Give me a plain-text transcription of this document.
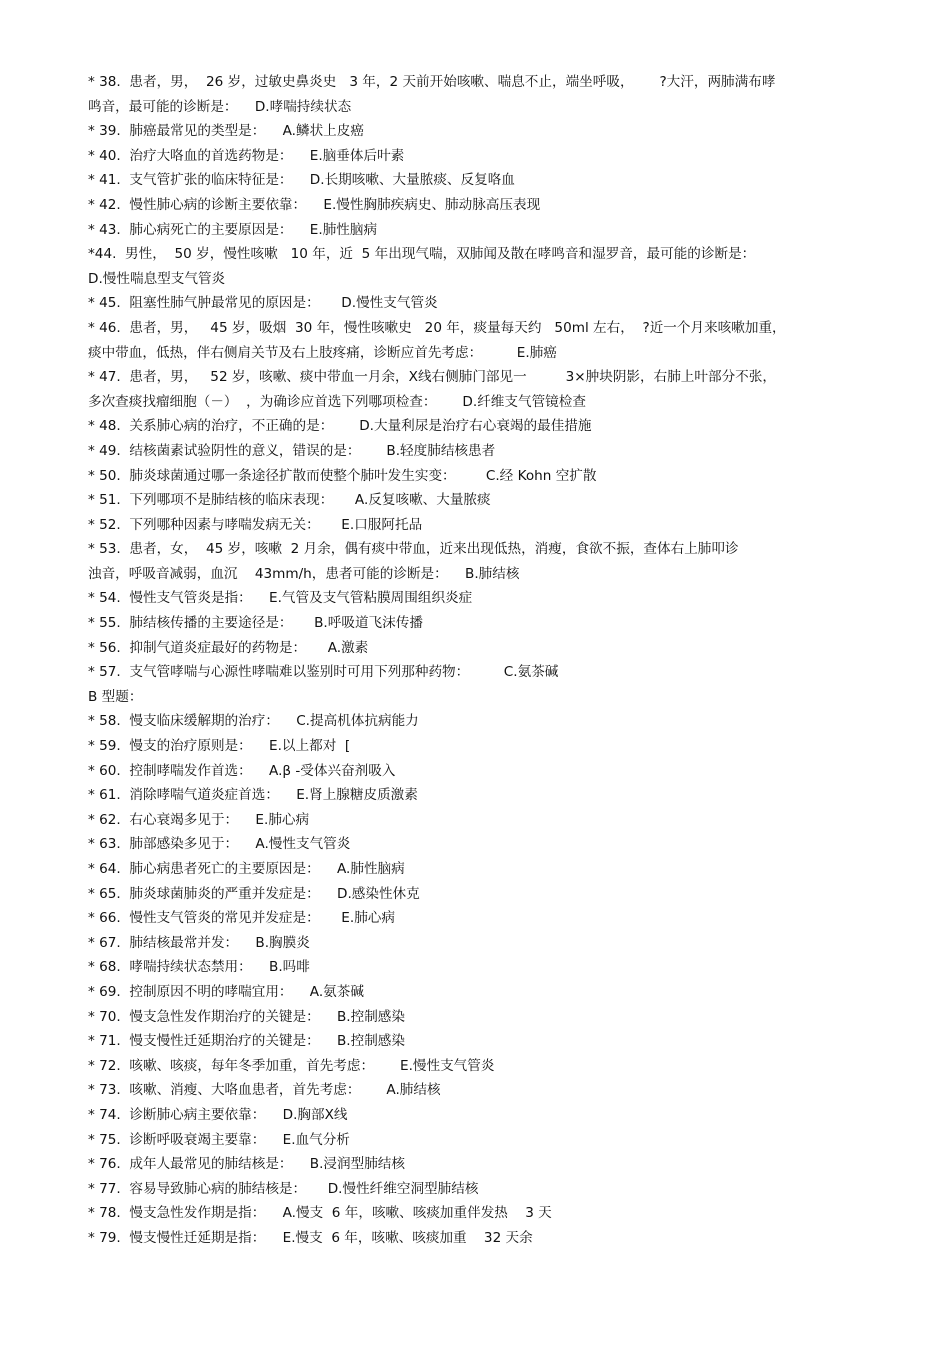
* 38.  患者，男，  26 岁，过敏史鼻炎史   3 年，2 天前开始咳嗽、喘息不止，端坐呼吸，      ?大汗，两肺满布哮
鸣音，最可能的诊断是：    D.哮喘持续状态
* 39.  肺癌最常见的类型是：    A.鳞状上皮癌
* 40.  治疗大咯血的首选药物是：    E.脑垂体后叶素
* 41.  支气管扩张的临床特征是：    D.长期咳嗽、大量脓痰、反复咯血
* 42.  慢性肺心病的诊断主要依靠：    E.慢性胸肺疾病史、肺动脉高压表现
* 43.  肺心病死亡的主要原因是：    E.肺性脑病
*44.  男性，  50 岁，慢性咳嗽   10 年，近  5 年出现气喘，双肺闻及散在哮鸣音和湿罗音，最可能的诊断是：
D.慢性喘息型支气管炎
* 45.  阻塞性肺气肿最常见的原因是：     D.慢性支气管炎
* 46.  患者，男，   45 岁，吸烟  30 年，慢性咳嗽史   20 年，痰量每天约   50ml 左右，  ?近一个月来咳嗽加重，
痰中带血，低热，伴右侧肩关节及右上肢疼痛，诊断应首先考虑：        E.肺癌
* 47.  患者，男，   52 岁，咳嗽、痰中带血一月余，X线右侧肺门部见一         3×肿块阴影，右肺上叶部分不张，
多次查痰找瘤细胞（－）  ，为确诊应首选下列哪项检查：      D.纤维支气管镜检查
* 48.  关系肺心病的治疗，不正确的是：      D.大量利尿是治疗右心衰竭的最佳措施
* 49.  结核菌素试验阴性的意义，错误的是：      B.轻度肺结核患者
* 50.  肺炎球菌通过哪一条途径扩散而使整个肺叶发生实变：       C.经 Kohn 空扩散
* 51.  下列哪项不是肺结核的临床表现：     A.反复咳嗽、大量脓痰
* 52.  下列哪种因素与哮喘发病无关：     E.口服阿托品
* 53.  患者，女，  45 岁，咳嗽  2 月余，偶有痰中带血，近来出现低热，消瘦，食欲不振，查体右上肺叩诊
浊音，呼吸音减弱，血沉    43mm/h，患者可能的诊断是：    B.肺结核
* 54.  慢性支气管炎是指：    E.气管及支气管粘膜周围组织炎症
* 55.  肺结核传播的主要途径是：     B.呼吸道飞沫传播
* 56.  抑制气道炎症最好的药物是：     A.激素
* 57.  支气管哮喘与心源性哮喘难以鉴别时可用下列那种药物：        C.氨茶碱
B 型题：
* 58.  慢支临床缓解期的治疗：    C.提高机体抗病能力
* 59.  慢支的治疗原则是：    E.以上都对  [
* 60.  控制哮喘发作首选：    A.β -受体兴奋剂吸入
* 61.  消除哮喘气道炎症首选：    E.肾上腺糖皮质激素
* 62.  右心衰竭多见于：    E.肺心病
* 63.  肺部感染多见于：    A.慢性支气管炎
* 64.  肺心病患者死亡的主要原因是：    A.肺性脑病
* 65.  肺炎球菌肺炎的严重并发症是：    D.感染性休克
* 66.  慢性支气管炎的常见并发症是：     E.肺心病
* 67.  肺结核最常并发：    B.胸膜炎
* 68.  哮喘持续状态禁用：    B.吗啡
* 69.  控制原因不明的哮喘宜用：    A.氨茶碱
* 70.  慢支急性发作期治疗的关键是：    B.控制感染
* 71.  慢支慢性迁延期治疗的关键是：    B.控制感染
* 72.  咳嗽、咳痰，每年冬季加重，首先考虑：      E.慢性支气管炎
* 73.  咳嗽、消瘦、大咯血患者，首先考虑：      A.肺结核
* 74.  诊断肺心病主要依靠：    D.胸部X线
* 75.  诊断呼吸衰竭主要靠：    E.血气分析
* 76.  成年人最常见的肺结核是：    B.浸润型肺结核
* 77.  容易导致肺心病的肺结核是：     D.慢性纤维空洞型肺结核
* 78.  慢支急性发作期是指：    A.慢支  6 年，咳嗽、咳痰加重伴发热    3 天
* 79.  慢支慢性迁延期是指：    E.慢支  6 年，咳嗽、咳痰加重    32 天余
